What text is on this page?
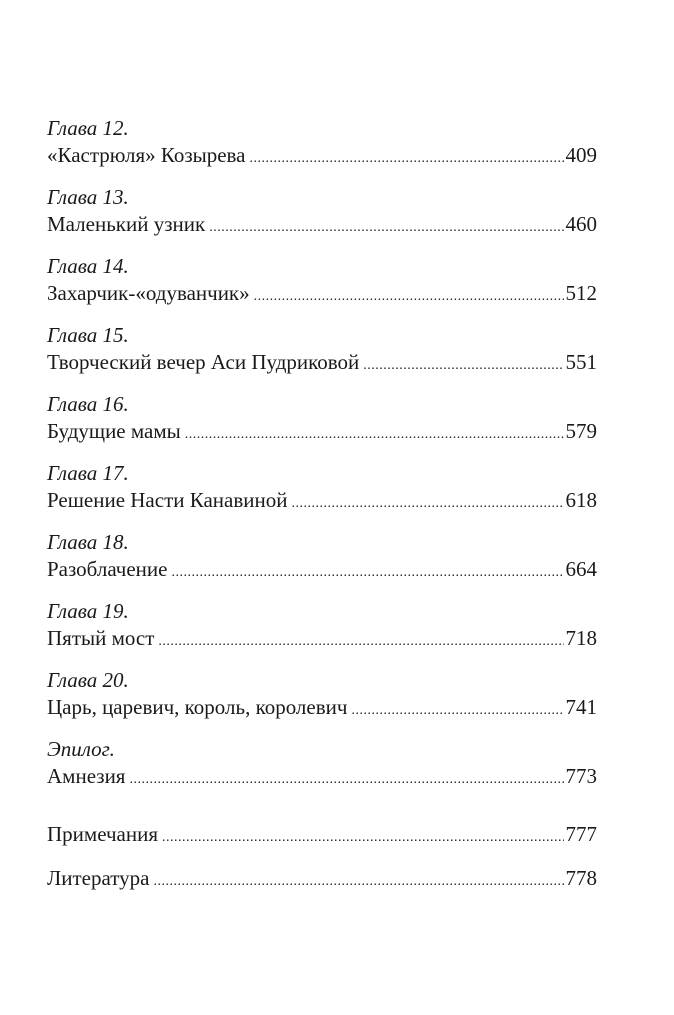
Глава 12.
«Кастрюля» Козырева .....	409
Глава 13.
Маленький узник .....	460
Глава 14.
Захарчик-«одуванчик» .....	512
Глава 15.
Творческий вечер Аси Пудриковой .....	551
Глава 16.
Будущие мамы .....	579
Глава 17.
Решение Насти Канавиной .....	618
Глава 18.
Разоблачение .....	664
Глава 19.
Пятый мост .....	718
Глава 20.
Царь, царевич, король, королевич .....	741
Эпилог.
Амнезия .....	773
Примечания .....	777
Литература .....	778
